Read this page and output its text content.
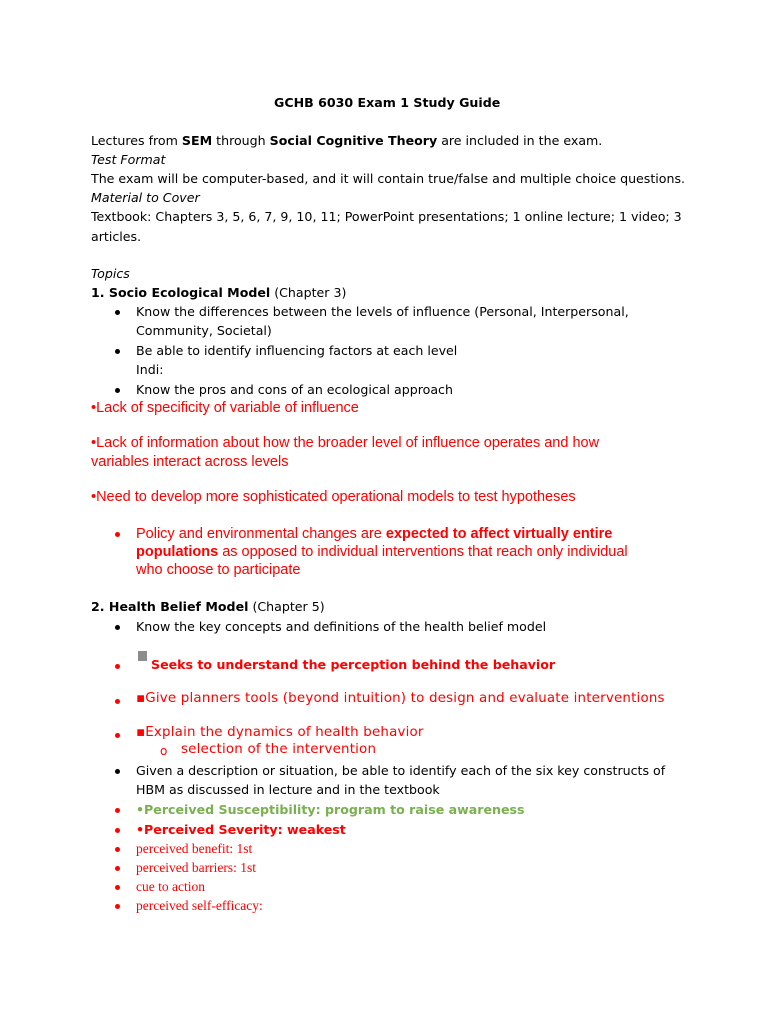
GCHB 6030 Exam 1 Study Guide
Lectures from SEM through Social Cognitive Theory are included in the exam.
Test Format
The exam will be computer-based, and it will contain true/false and multiple choice questions.
Material to Cover
Textbook: Chapters 3, 5, 6, 7, 9, 10, 11; PowerPoint presentations; 1 online lecture; 1 video; 3
articles.
Topics
1. Socio Ecological Model (Chapter 3)
Know the differences between the levels of influence (Personal, Interpersonal,
Community, Societal)
Be able to identify influencing factors at each level
Indi:
Know the pros and cons of an ecological approach
•Lack of specificity of variable of influence
•Lack of information about how the broader level of influence operates and how
variables interact across levels
•Need to develop more sophisticated operational models to test hypotheses
Policy and environmental changes are expected to affect virtually entire
populations as opposed to individual interventions that reach only individual
who choose to participate
2. Health Belief Model (Chapter 5)
Know the key concepts and definitions of the health belief model
Seeks to understand the perception behind the behavior
▪Give planners tools (beyond intuition) to design and evaluate interventions
▪Explain the dynamics of health behavior
o selection of the intervention
Given a description or situation, be able to identify each of the six key constructs of
HBM as discussed in lecture and in the textbook
•Perceived Susceptibility: program to raise awareness
•Perceived Severity: weakest
perceived benefit: 1st
perceived barriers: 1st
cue to action
perceived self-efficacy:
